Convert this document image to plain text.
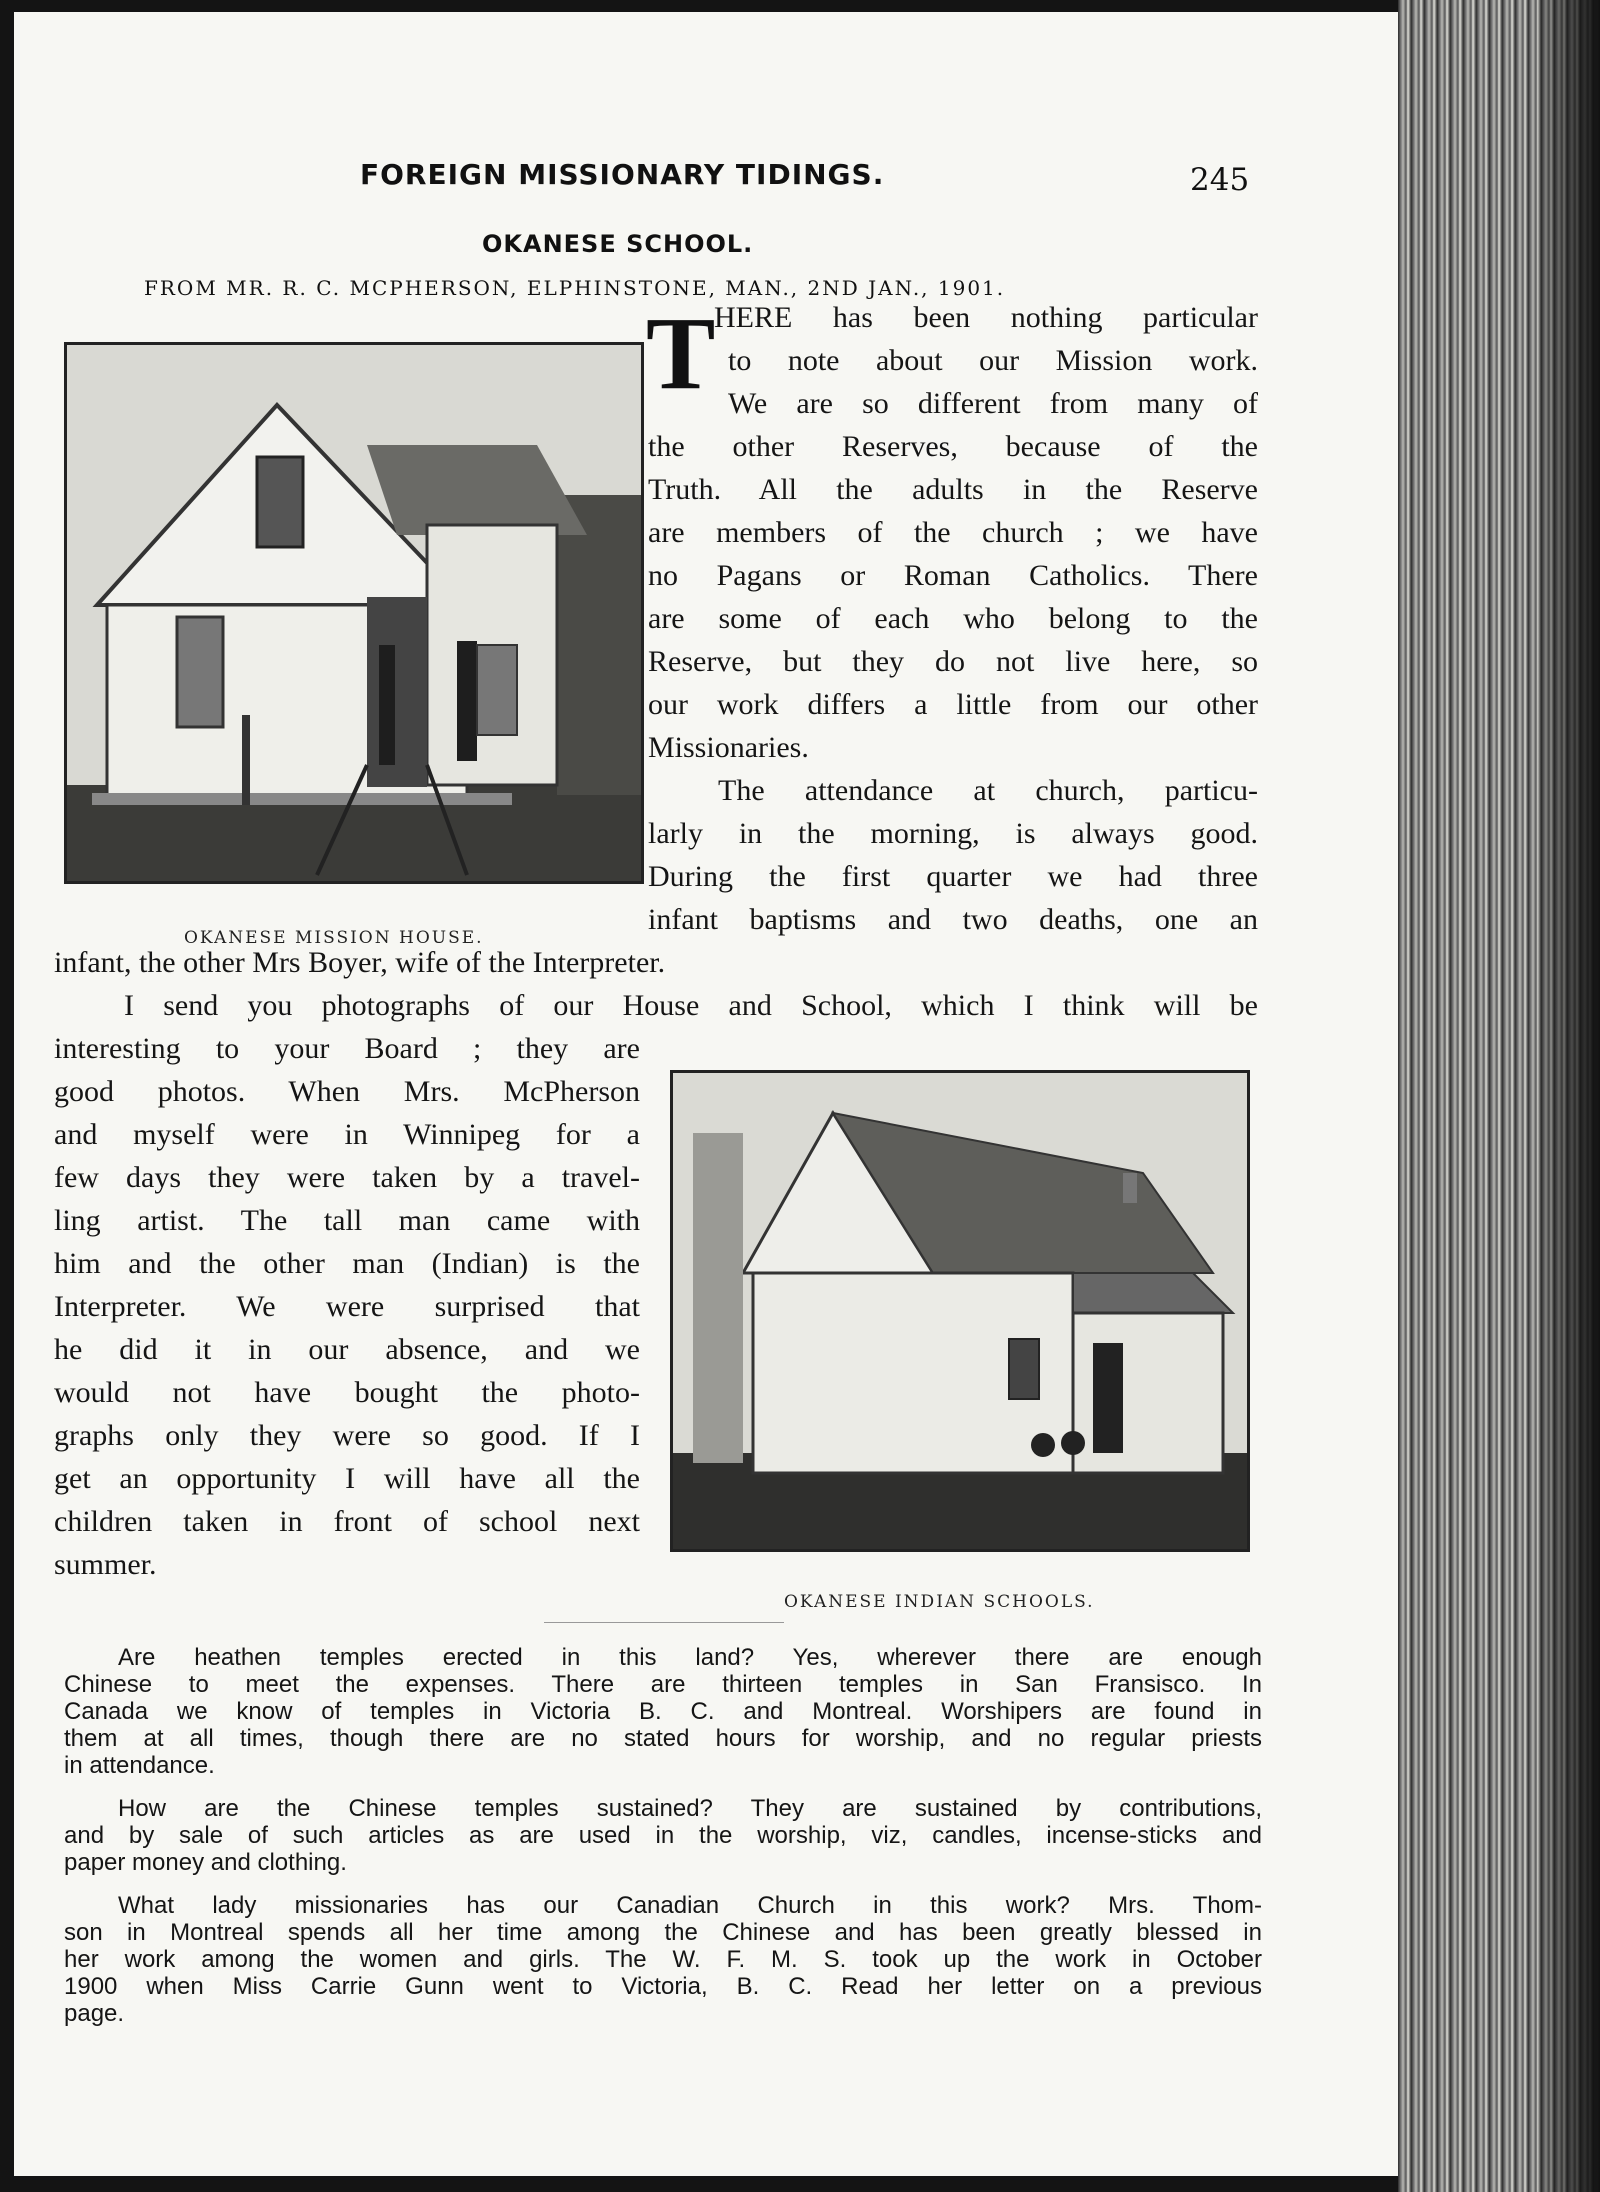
FOREIGN MISSIONARY TIDINGS.	245
OKANESE SCHOOL.
FROM MR. R. C. MCPHERSON, ELPHINSTONE, MAN., 2ND JAN., 1901.
OKANESE MISSION HOUSE.
OKANESE INDIAN SCHOOLS.
T
HERE has been nothing particular
to note about our Mission work.
We are so different from many of
the other Reserves, because of the
Truth. All the adults in the Reserve
are members of the church ; we have
no Pagans or Roman Catholics. There
are some of each who belong to the
Reserve, but they do not live here, so
our work differs a little from our other
Missionaries.
The attendance at church, particu-
larly in the morning, is always good.
During the first quarter we had three
infant baptisms and two deaths, one an
infant, the other Mrs Boyer, wife of the Interpreter.
I send you photographs of our House and School, which I think will be
interesting to your Board ; they are
good photos. When Mrs. McPherson
and myself were in Winnipeg for a
few days they were taken by a travel-
ling artist. The tall man came with
him and the other man (Indian) is the
Interpreter. We were surprised that
he did it in our absence, and we
would not have bought the photo-
graphs only they were so good. If I
get an opportunity I will have all the
children taken in front of school next
summer.
Are heathen temples erected in this land? Yes, wherever there are enough
Chinese to meet the expenses. There are thirteen temples in San Fransisco. In
Canada we know of temples in Victoria B. C. and Montreal. Worshipers are found in
them at all times, though there are no stated hours for worship, and no regular priests
in attendance.
How are the Chinese temples sustained? They are sustained by contributions,
and by sale of such articles as are used in the worship, viz, candles, incense-sticks and
paper money and clothing.
What lady missionaries has our Canadian Church in this work? Mrs. Thom-
son in Montreal spends all her time among the Chinese and has been greatly blessed in
her work among the women and girls. The W. F. M. S. took up the work in October
1900 when Miss Carrie Gunn went to Victoria, B. C. Read her letter on a previous
page.
